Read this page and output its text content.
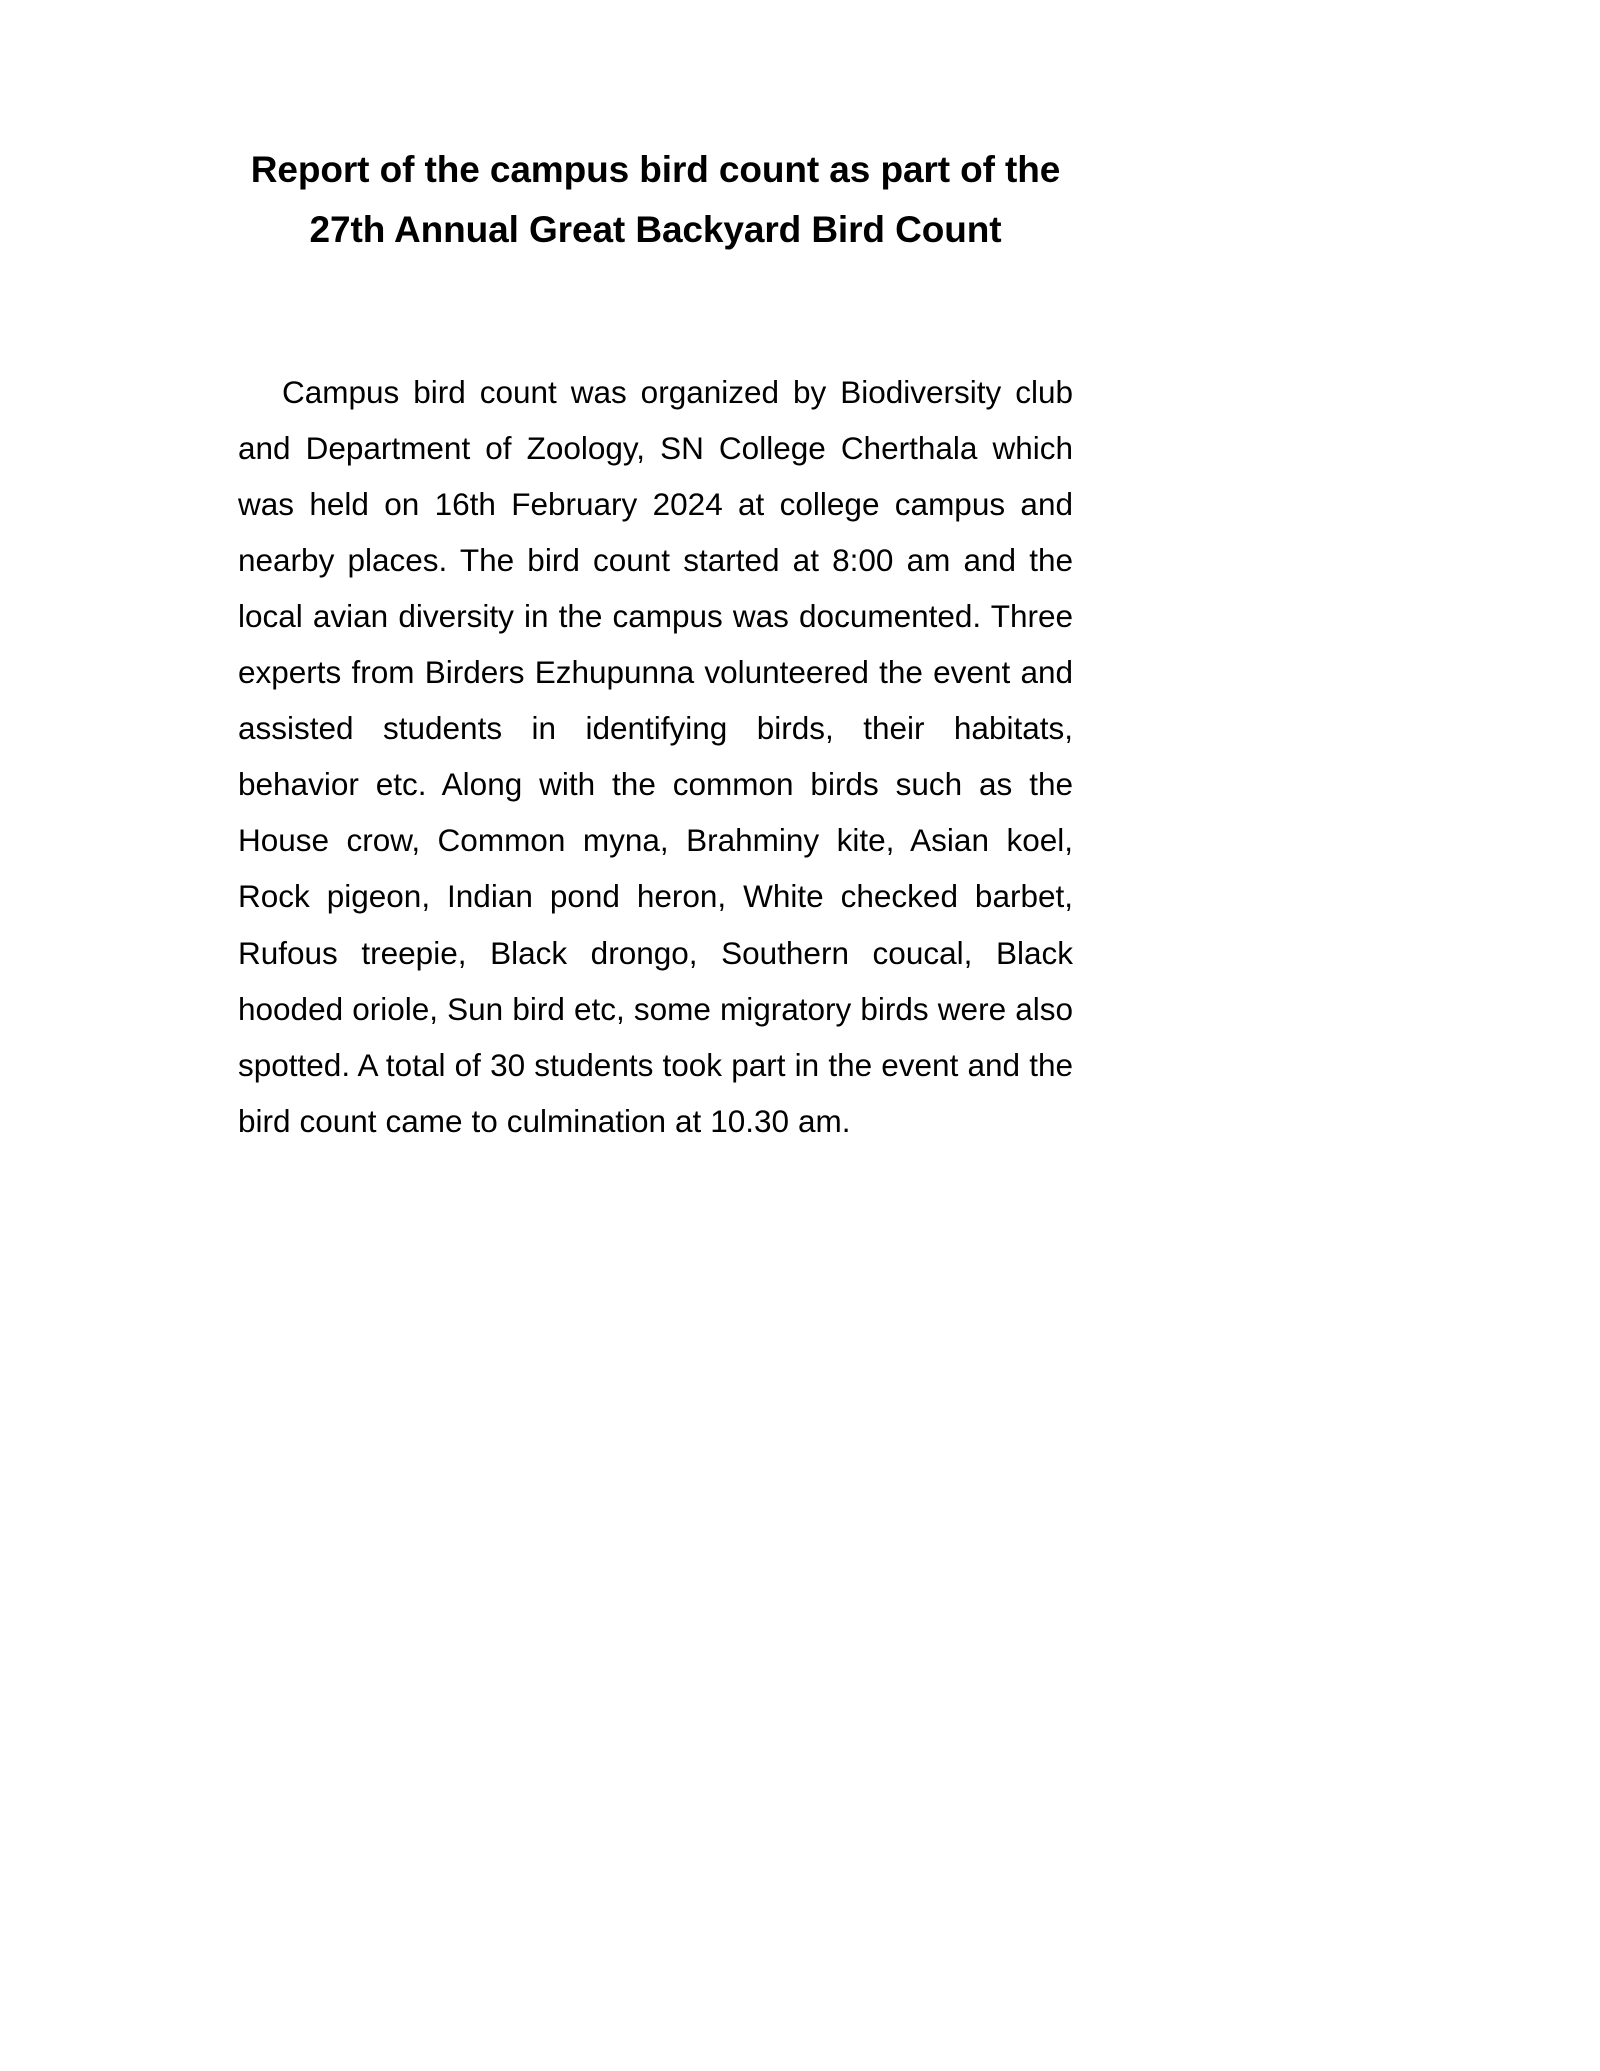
Report of the campus bird count as part of the
27th Annual Great Backyard Bird Count

Campus bird count was organized by Biodiversity club and Department of Zoology, SN College Cherthala which was held on 16th February 2024 at college campus and nearby places. The bird count started at 8:00 am and the local avian diversity in the campus was documented. Three experts from Birders Ezhupunna volunteered the event and assisted students in identifying birds, their habitats, behavior etc. Along with the common birds such as the House crow, Common myna, Brahminy kite, Asian koel, Rock pigeon, Indian pond heron, White checked barbet, Rufous treepie, Black drongo, Southern coucal, Black hooded oriole, Sun bird etc, some migratory birds were also spotted. A total of 30 students took part in the event and the bird count came to culmination at 10.30 am.
